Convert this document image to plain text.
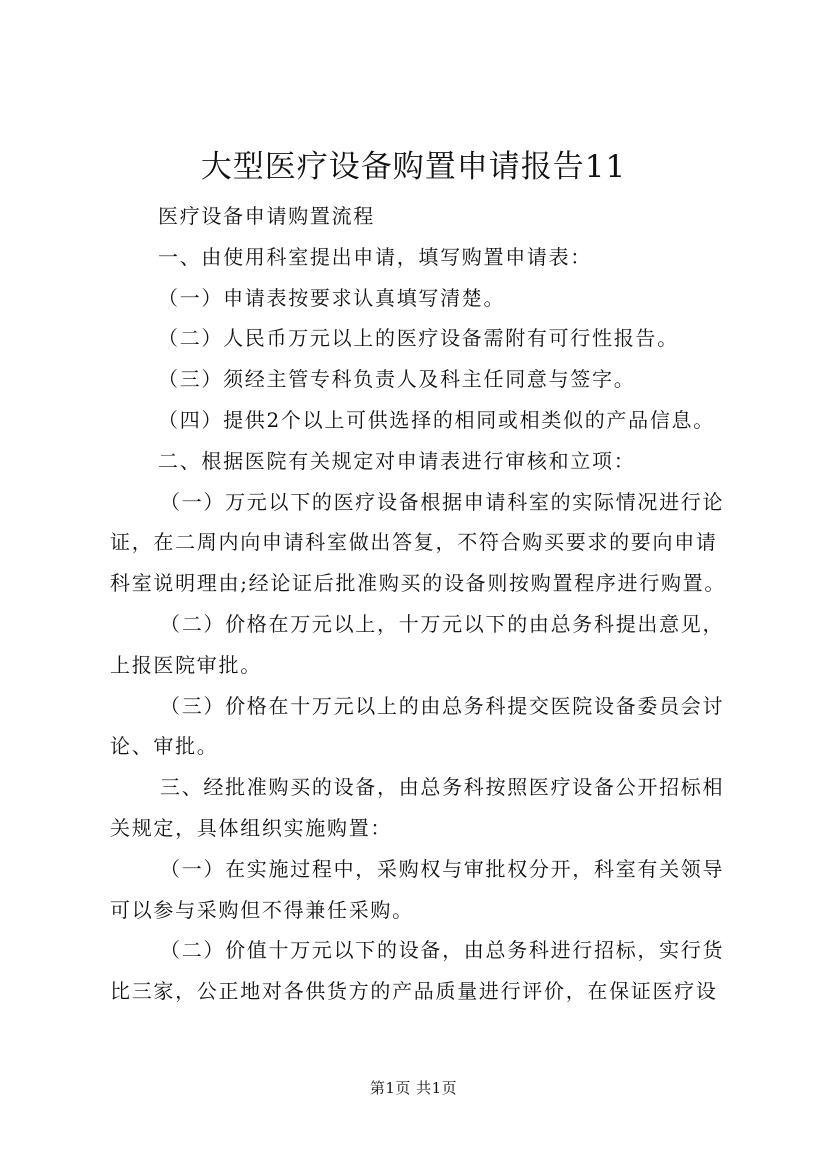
大型医疗设备购置申请报告11

医疗设备申请购置流程

一、由使用科室提出申请，填写购置申请表：

（一）申请表按要求认真填写清楚。

（二）人民币万元以上的医疗设备需附有可行性报告。

（三）须经主管专科负责人及科主任同意与签字。

（四）提供2个以上可供选择的相同或相类似的产品信息。

二、根据医院有关规定对申请表进行审核和立项：

（一）万元以下的医疗设备根据申请科室的实际情况进行论

证，在二周内向申请科室做出答复，不符合购买要求的要向申请

科室说明理由;经论证后批准购买的设备则按购置程序进行购置。

（二）价格在万元以上，十万元以下的由总务科提出意见，

上报医院审批。

（三）价格在十万元以上的由总务科提交医院设备委员会讨

论、审批。

三、经批准购买的设备，由总务科按照医疗设备公开招标相

关规定，具体组织实施购置：

（一）在实施过程中，采购权与审批权分开，科室有关领导

可以参与采购但不得兼任采购。

（二）价值十万元以下的设备，由总务科进行招标，实行货

比三家，公正地对各供货方的产品质量进行评价，在保证医疗设

第1页 共1页
